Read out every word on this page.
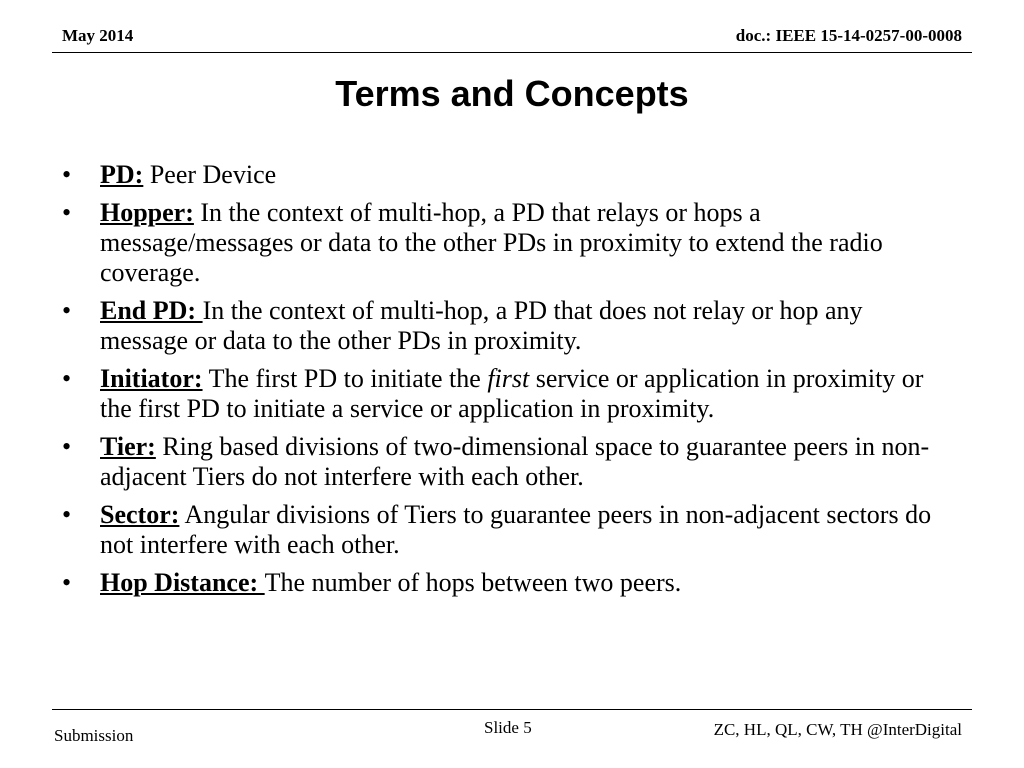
May 2014	doc.: IEEE 15-14-0257-00-0008
Terms and Concepts
•	PD: Peer Device
•	Hopper: In the context of multi-hop, a PD that relays or hops a message/messages or data to the other PDs in proximity to extend the radio coverage.
•	End PD: In the context of multi-hop, a PD that does not relay or hop any message or data to the other PDs in proximity.
•	Initiator: The first PD to initiate the first service or application in proximity or the first PD to initiate a service or application in proximity.
•	Tier: Ring based divisions of two-dimensional space to guarantee peers in non-adjacent Tiers do not interfere with each other.
•	Sector: Angular divisions of Tiers to guarantee peers in non-adjacent sectors do not interfere with each other.
•	Hop Distance: The number of hops between two peers.
Submission	Slide 5	ZC, HL, QL, CW, TH @InterDigital
